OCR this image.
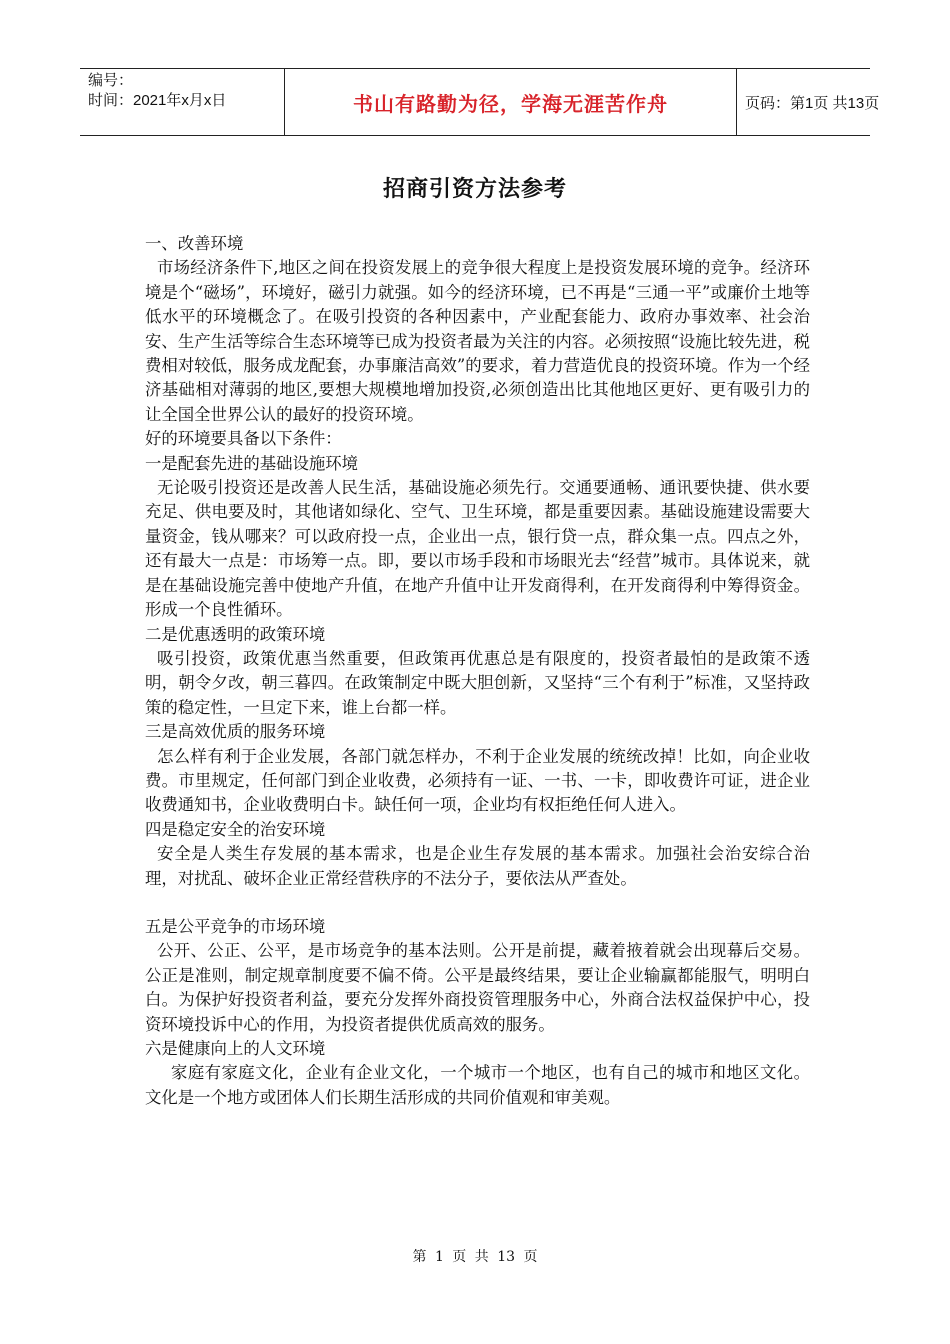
编号：
时间：2021年x月x日	书山有路勤为径，学海无涯苦作舟	页码：第1页 共13页
招商引资方法参考

一、改善环境

市场经济条件下,地区之间在投资发展上的竞争很大程度上是投资发展环境的竞争。经济环境是个“磁场”，环境好，磁引力就强。如今的经济环境，已不再是“三通一平”或廉价土地等低水平的环境概念了。在吸引投资的各种因素中，产业配套能力、政府办事效率、社会治安、生产生活等综合生态环境等已成为投资者最为关注的内容。必须按照“设施比较先进，税费相对较低，服务成龙配套，办事廉洁高效”的要求，着力营造优良的投资环境。作为一个经济基础相对薄弱的地区,要想大规模地增加投资,必须创造出比其他地区更好、更有吸引力的让全国全世界公认的最好的投资环境。

好的环境要具备以下条件：

一是配套先进的基础设施环境

无论吸引投资还是改善人民生活，基础设施必须先行。交通要通畅、通讯要快捷、供水要充足、供电要及时，其他诸如绿化、空气、卫生环境，都是重要因素。基础设施建设需要大量资金，钱从哪来？可以政府投一点，企业出一点，银行贷一点，群众集一点。四点之外，还有最大一点是：市场筹一点。即，要以市场手段和市场眼光去“经营”城市。具体说来，就是在基础设施完善中使地产升值，在地产升值中让开发商得利，在开发商得利中筹得资金。形成一个良性循环。

二是优惠透明的政策环境

吸引投资，政策优惠当然重要，但政策再优惠总是有限度的，投资者最怕的是政策不透明，朝令夕改，朝三暮四。在政策制定中既大胆创新，又坚持“三个有利于”标准，又坚持政策的稳定性，一旦定下来，谁上台都一样。

三是高效优质的服务环境

怎么样有利于企业发展，各部门就怎样办，不利于企业发展的统统改掉！比如，向企业收费。市里规定，任何部门到企业收费，必须持有一证、一书、一卡，即收费许可证，进企业收费通知书，企业收费明白卡。缺任何一项，企业均有权拒绝任何人进入。

四是稳定安全的治安环境

安全是人类生存发展的基本需求，也是企业生存发展的基本需求。加强社会治安综合治理，对扰乱、破坏企业正常经营秩序的不法分子，要依法从严查处。

五是公平竞争的市场环境

公开、公正、公平，是市场竞争的基本法则。公开是前提，藏着掖着就会出现幕后交易。公正是准则，制定规章制度要不偏不倚。公平是最终结果，要让企业输赢都能服气，明明白白。为保护好投资者利益，要充分发挥外商投资管理服务中心，外商合法权益保护中心，投资环境投诉中心的作用，为投资者提供优质高效的服务。

六是健康向上的人文环境

家庭有家庭文化，企业有企业文化，一个城市一个地区，也有自己的城市和地区文化。文化是一个地方或团体人们长期生活形成的共同价值观和审美观。

第 1 页 共 13 页
